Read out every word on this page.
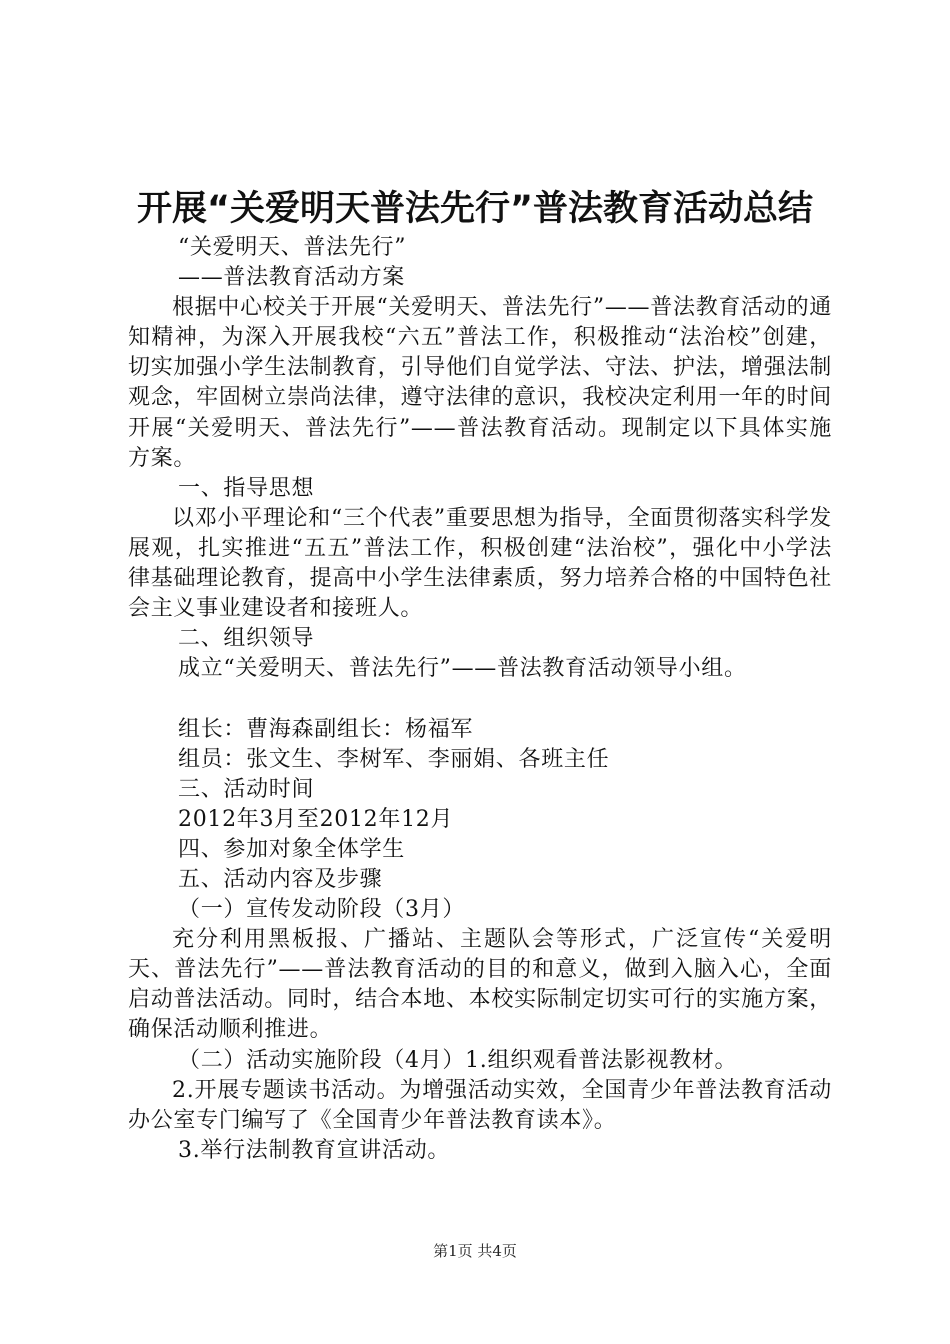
开展“关爱明天普法先行”普法教育活动总结

“关爱明天、普法先行”

——普法教育活动方案

根据中心校关于开展“关爱明天、普法先行”——普法教育活动的通知精神，为深入开展我校“六五”普法工作，积极推动“法治校”创建，切实加强小学生法制教育，引导他们自觉学法、守法、护法，增强法制观念，牢固树立崇尚法律，遵守法律的意识，我校决定利用一年的时间开展“关爱明天、普法先行”——普法教育活动。现制定以下具体实施方案。

一、指导思想

以邓小平理论和“三个代表”重要思想为指导，全面贯彻落实科学发展观，扎实推进“五五”普法工作，积极创建“法治校”，强化中小学法律基础理论教育，提高中小学生法律素质，努力培养合格的中国特色社会主义事业建设者和接班人。

二、组织领导

成立“关爱明天、普法先行”——普法教育活动领导小组。

组长：曹海森副组长：杨福军

组员：张文生、李树军、李丽娟、各班主任

三、活动时间

2012年3月至2012年12月

四、参加对象全体学生

五、活动内容及步骤

（一）宣传发动阶段（3月）

充分利用黑板报、广播站、主题队会等形式，广泛宣传“关爱明天、普法先行”——普法教育活动的目的和意义，做到入脑入心，全面启动普法活动。同时，结合本地、本校实际制定切实可行的实施方案，确保活动顺利推进。

（二）活动实施阶段（4月）1.组织观看普法影视教材。

2.开展专题读书活动。为增强活动实效，全国青少年普法教育活动办公室专门编写了《全国青少年普法教育读本》。

3.举行法制教育宣讲活动。

第1页 共4页
